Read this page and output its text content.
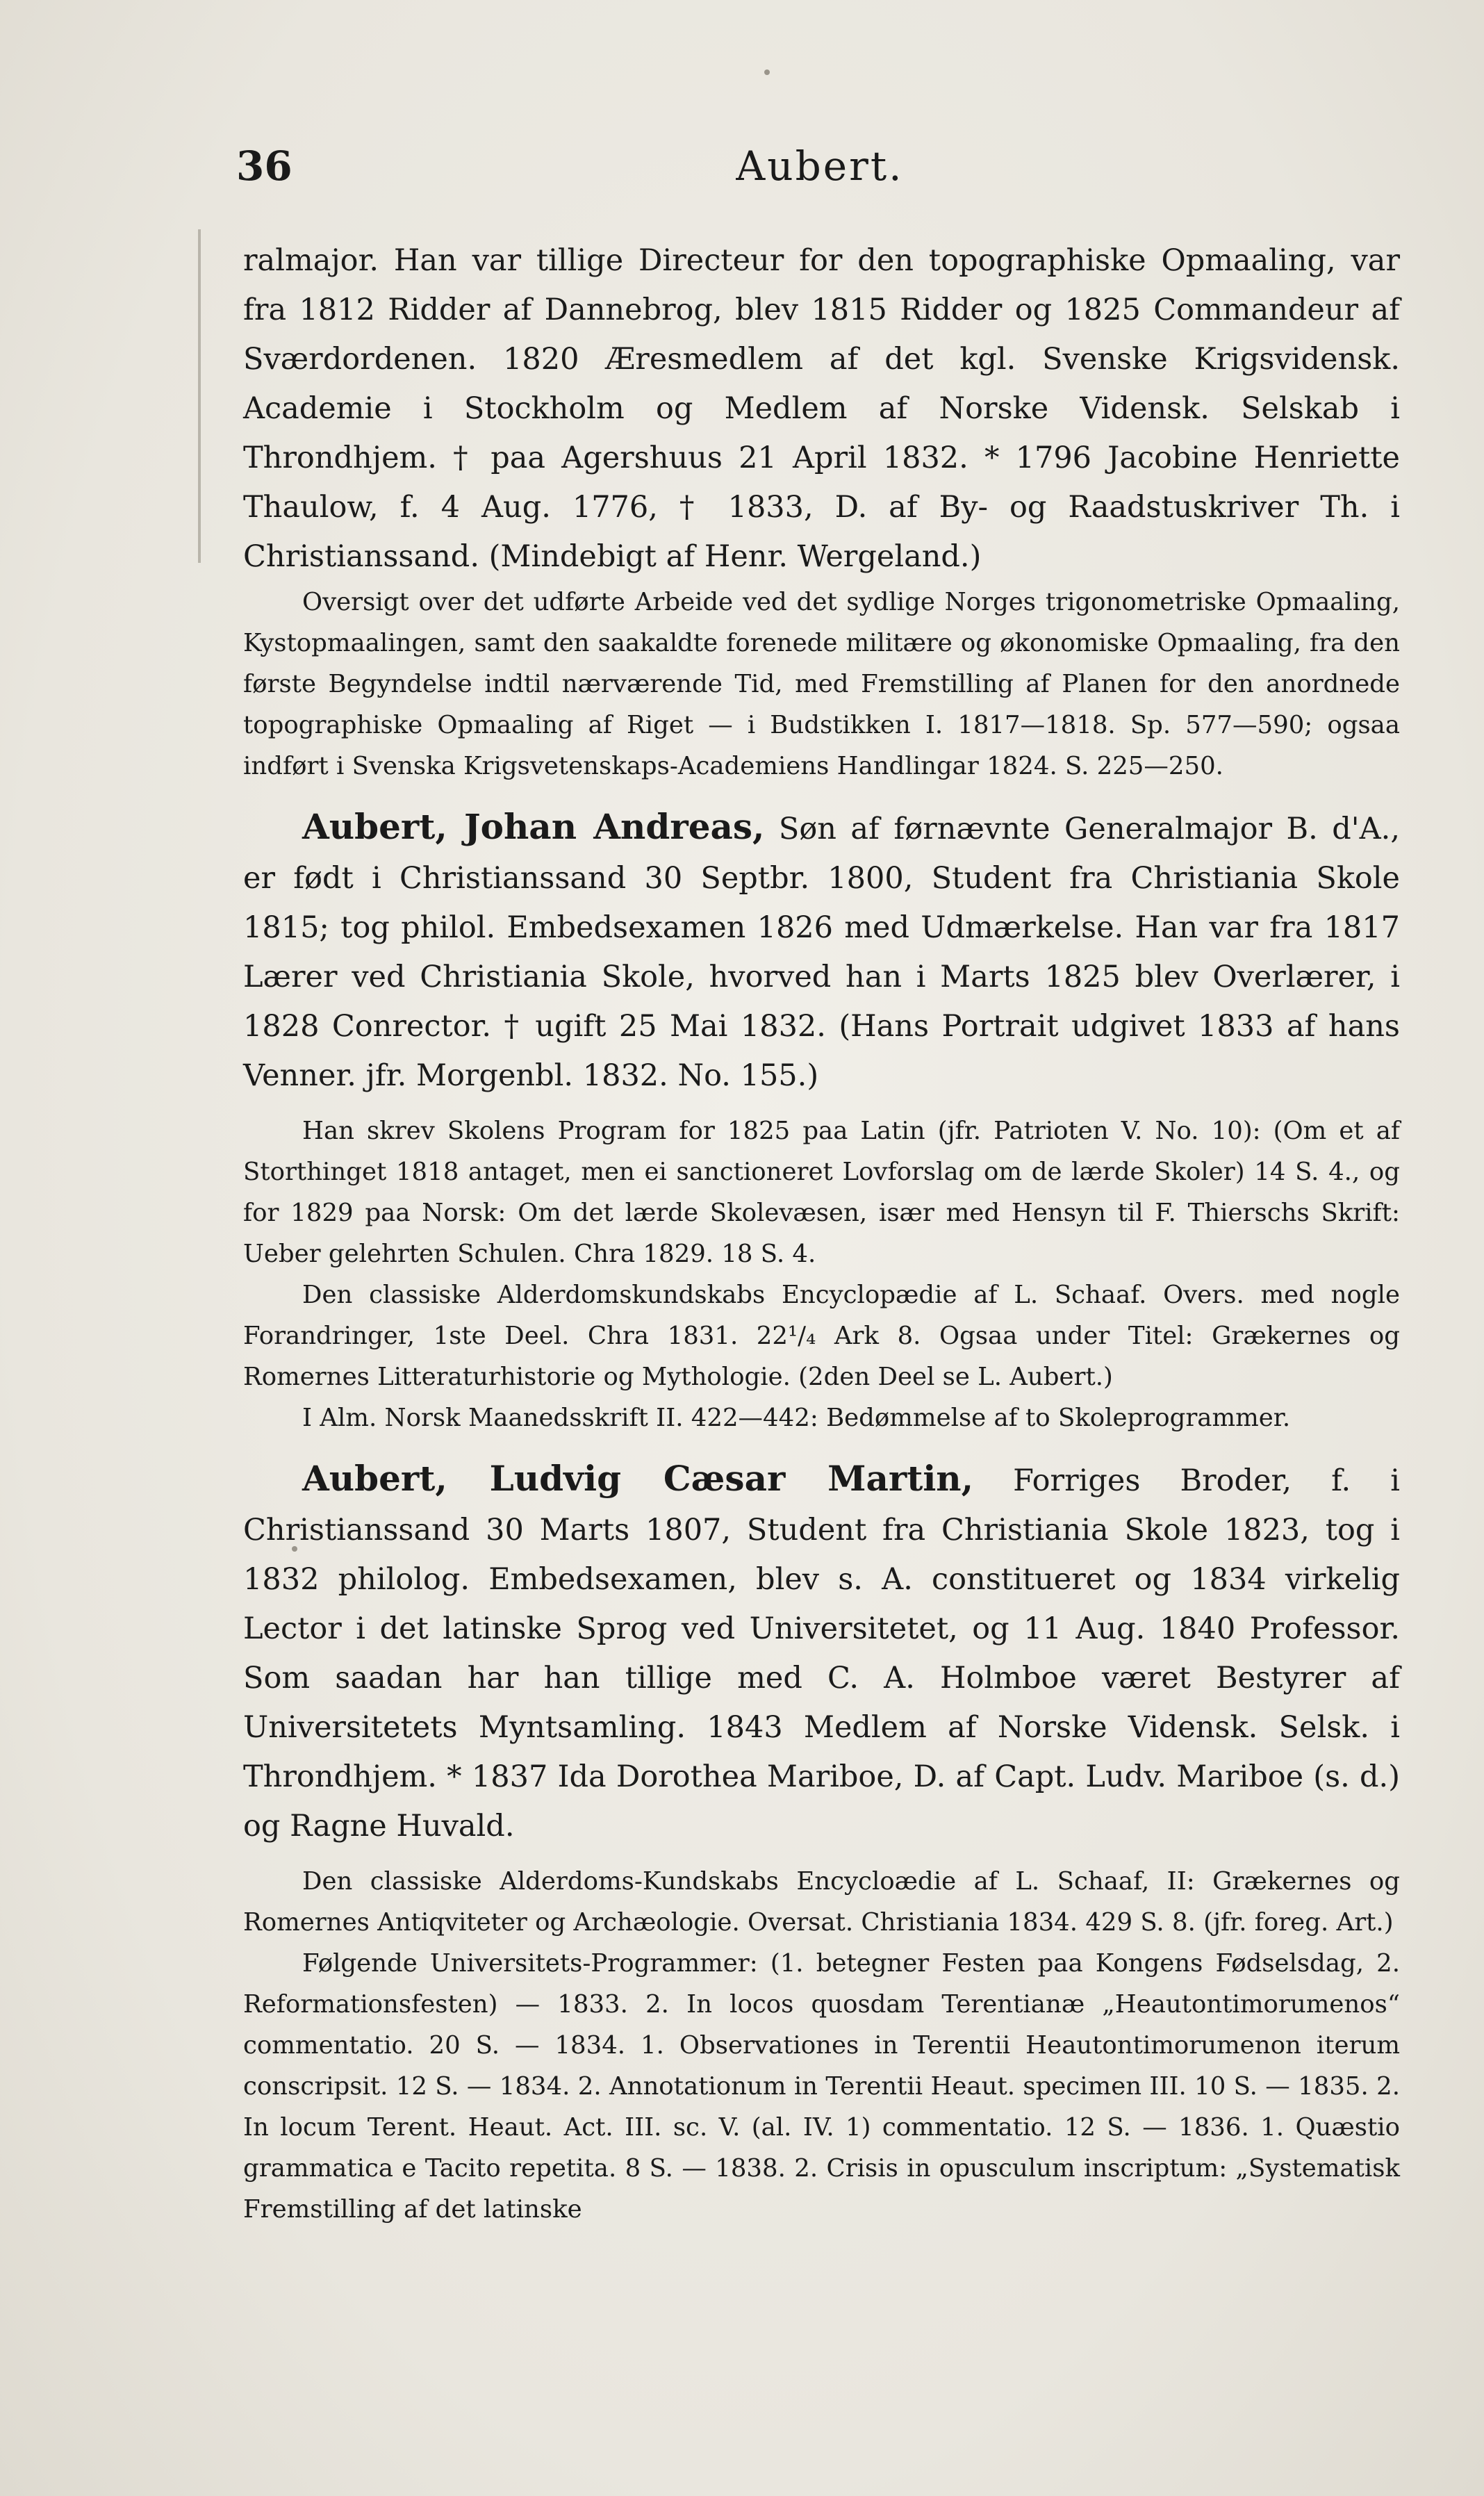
36	Aubert.

ralmajor. Han var tillige Directeur for den topographiske Opmaaling, var fra 1812 Ridder af Dannebrog, blev 1815 Ridder og 1825 Commandeur af Sværdordenen. 1820 Æresmedlem af det kgl. Svenske Krigsvidensk. Academie i Stockholm og Medlem af Norske Vidensk. Selskab i Throndhjem. † paa Agershuus 21 April 1832. * 1796 Jacobine Henriette Thaulow, f. 4 Aug. 1776, † 1833, D. af By- og Raadstuskriver Th. i Christianssand. (Mindebigt af Henr. Wergeland.)

Oversigt over det udførte Arbeide ved det sydlige Norges trigonometriske Opmaaling, Kystopmaalingen, samt den saakaldte forenede militære og økonomiske Opmaaling, fra den første Begyndelse indtil nærværende Tid, med Fremstilling af Planen for den anordnede topographiske Opmaaling af Riget — i Budstikken I. 1817—1818. Sp. 577—590; ogsaa indført i Svenska Krigsvetenskaps-Academiens Handlingar 1824. S. 225—250.

Aubert, Johan Andreas, Søn af førnævnte Generalmajor B. d'A., er født i Christianssand 30 Septbr. 1800, Student fra Christiania Skole 1815; tog philol. Embedsexamen 1826 med Udmærkelse. Han var fra 1817 Lærer ved Christiania Skole, hvorved han i Marts 1825 blev Overlærer, i 1828 Conrector. † ugift 25 Mai 1832. (Hans Portrait udgivet 1833 af hans Venner. jfr. Morgenbl. 1832. No. 155.)

Han skrev Skolens Program for 1825 paa Latin (jfr. Patrioten V. No. 10): (Om et af Storthinget 1818 antaget, men ei sanctioneret Lovforslag om de lærde Skoler) 14 S. 4., og for 1829 paa Norsk: Om det lærde Skolevæsen, især med Hensyn til F. Thierschs Skrift: Ueber gelehrten Schulen. Chra 1829. 18 S. 4.

Den classiske Alderdomskundskabs Encyclopædie af L. Schaaf. Overs. med nogle Forandringer, 1ste Deel. Chra 1831. 22¹/₄ Ark 8. Ogsaa under Titel: Grækernes og Romernes Litteraturhistorie og Mythologie. (2den Deel se L. Aubert.)

I Alm. Norsk Maanedsskrift II. 422—442: Bedømmelse af to Skoleprogrammer.

Aubert, Ludvig Cæsar Martin, Forriges Broder, f. i Christianssand 30 Marts 1807, Student fra Christiania Skole 1823, tog i 1832 philolog. Embedsexamen, blev s. A. constitueret og 1834 virkelig Lector i det latinske Sprog ved Universitetet, og 11 Aug. 1840 Professor. Som saadan har han tillige med C. A. Holmboe været Bestyrer af Universitetets Myntsamling. 1843 Medlem af Norske Vidensk. Selsk. i Throndhjem. * 1837 Ida Dorothea Mariboe, D. af Capt. Ludv. Mariboe (s. d.) og Ragne Huvald.

Den classiske Alderdoms-Kundskabs Encycloædie af L. Schaaf, II: Grækernes og Romernes Antiqviteter og Archæologie. Oversat. Christiania 1834. 429 S. 8. (jfr. foreg. Art.)

Følgende Universitets-Programmer: (1. betegner Festen paa Kongens Fødselsdag, 2. Reformationsfesten) — 1833. 2. In locos quosdam Terentianæ „Heautontimorumenos“ commentatio. 20 S. — 1834. 1. Observationes in Terentii Heautontimorumenon iterum conscripsit. 12 S. — 1834. 2. Annotationum in Terentii Heaut. specimen III. 10 S. — 1835. 2. In locum Terent. Heaut. Act. III. sc. V. (al. IV. 1) commentatio. 12 S. — 1836. 1. Quæstio grammatica e Tacito repetita. 8 S. — 1838. 2. Crisis in opusculum inscriptum: „Systematisk Fremstilling af det latinske
